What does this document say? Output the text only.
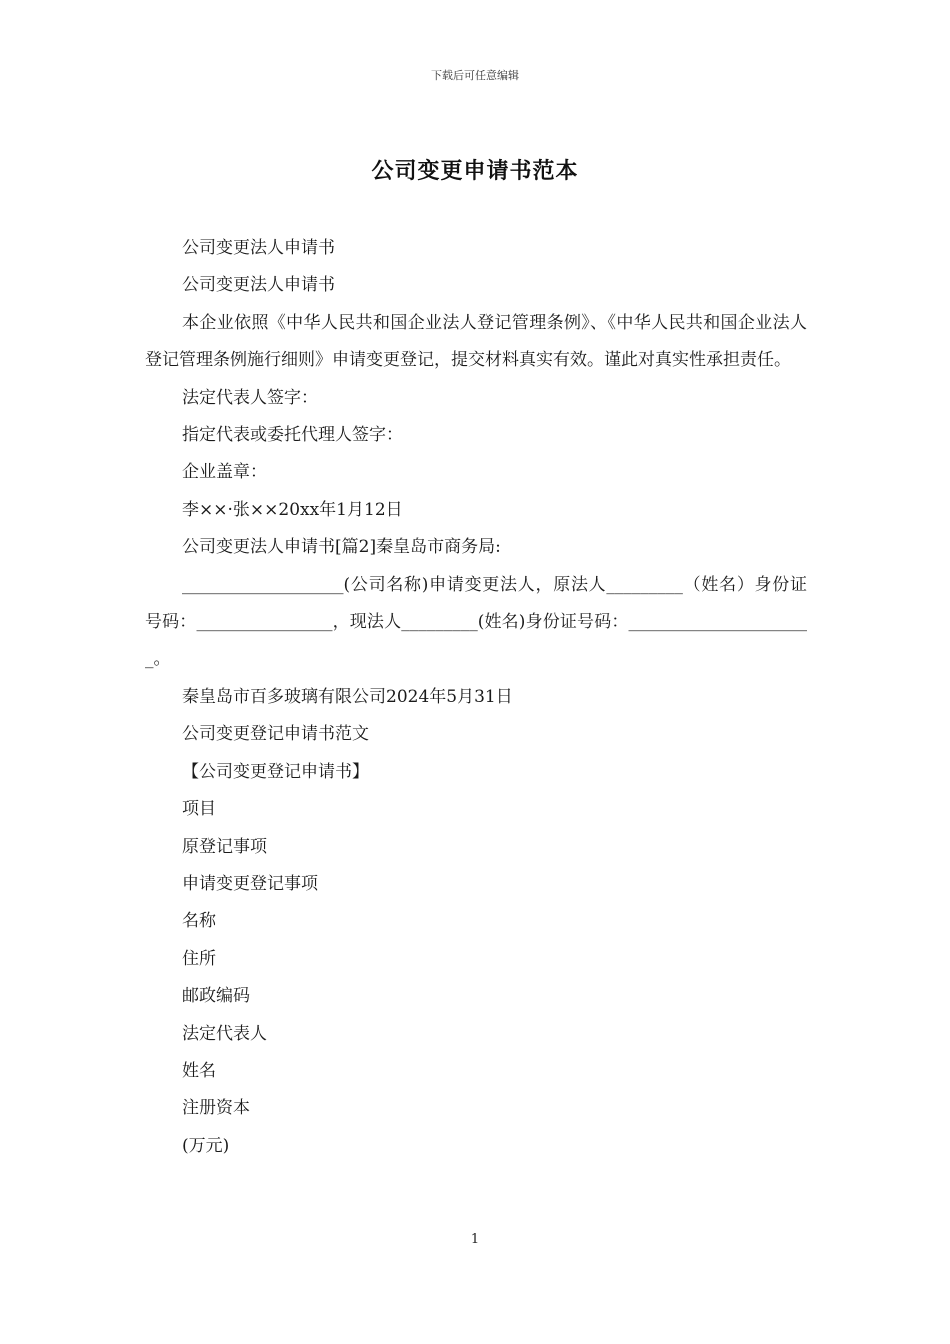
下载后可任意编辑
公司变更申请书范本

公司变更法人申请书

公司变更法人申请书

本企业依照《中华人民共和国企业法人登记管理条例》、《中华人民共和国企业法人登记管理条例施行细则》申请变更登记，提交材料真实有效。谨此对真实性承担责任。

法定代表人签字：

指定代表或委托代理人签字：

企业盖章：

李××·张××20xx年1月12日

公司变更法人申请书[篇2]秦皇岛市商务局:

___________________(公司名称)申请变更法人，原法人_________（姓名）身份证号码：________________，现法人_________(姓名)身份证号码：______________________。

秦皇岛市百多玻璃有限公司2024年5月31日

公司变更登记申请书范文

【公司变更登记申请书】

项目

原登记事项

申请变更登记事项

名称

住所

邮政编码

法定代表人

姓名

注册资本

(万元)

1
